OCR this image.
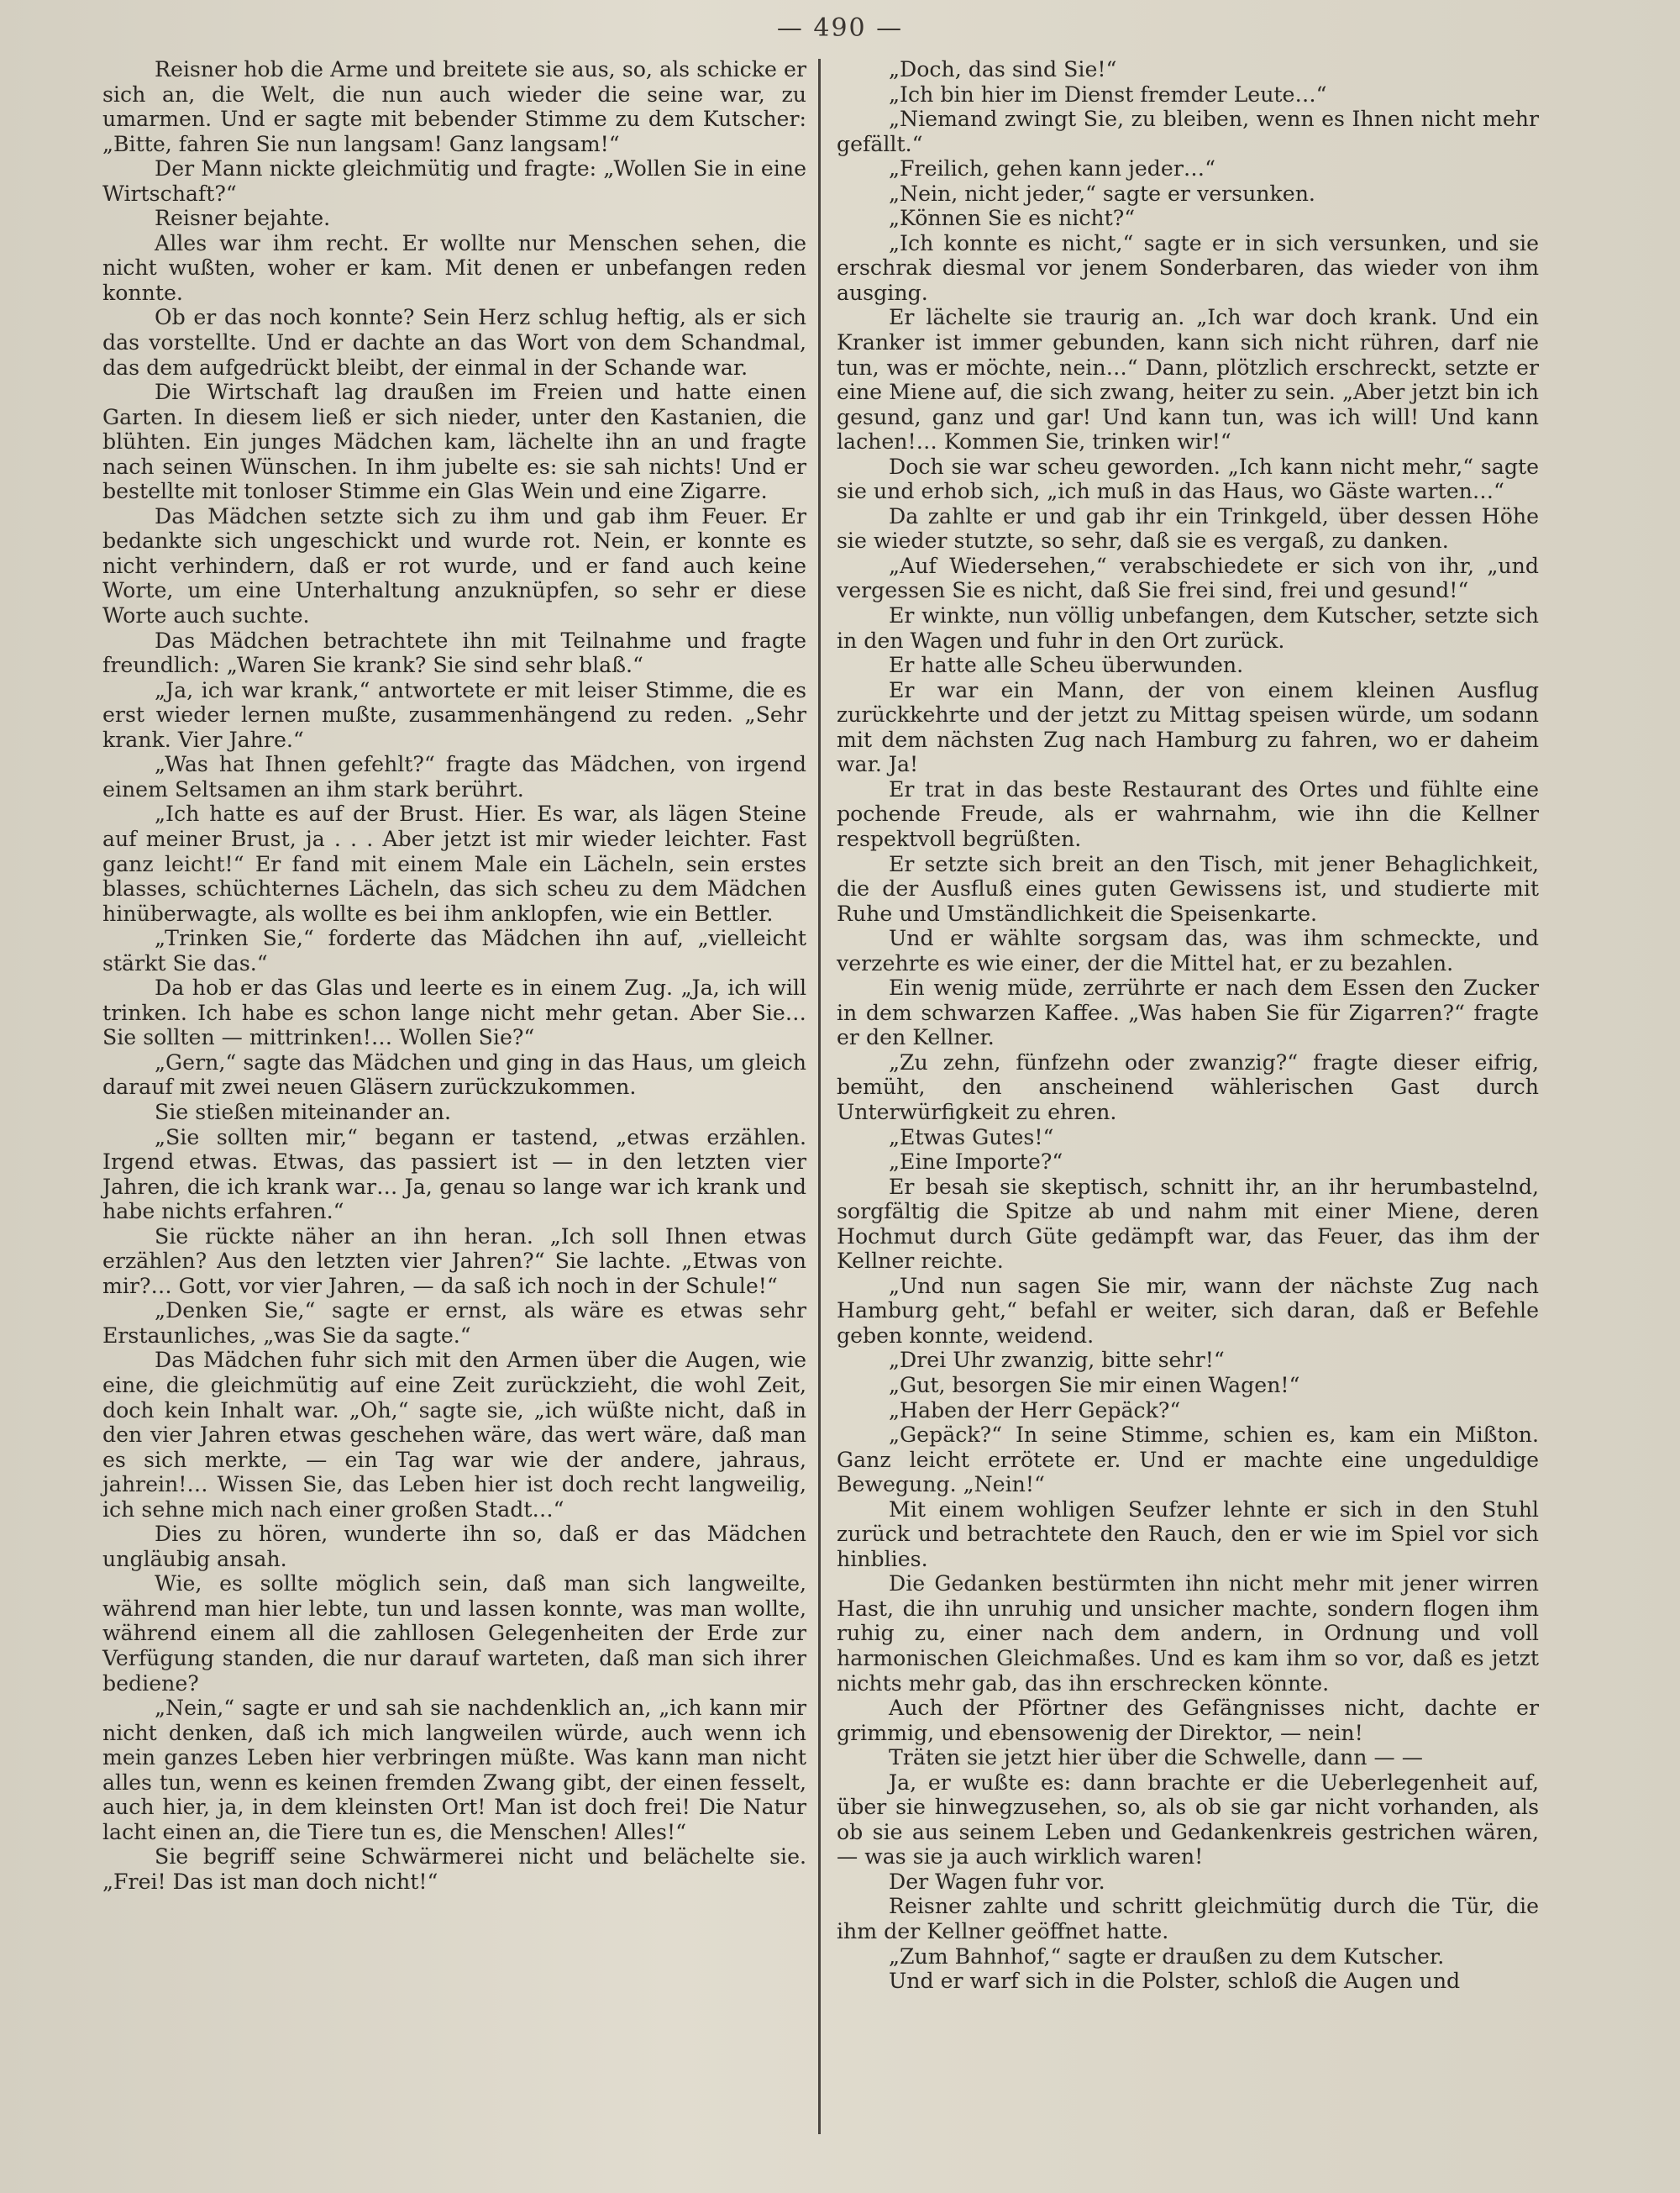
— 490 —

Reisner hob die Arme und breitete sie aus, so, als schicke er sich an, die Welt, die nun auch wieder die seine war, zu umarmen. Und er sagte mit bebender Stimme zu dem Kutscher: „Bitte, fahren Sie nun langsam! Ganz langsam!“

Der Mann nickte gleichmütig und fragte: „Wollen Sie in eine Wirtschaft?“

Reisner bejahte.

Alles war ihm recht. Er wollte nur Menschen sehen, die nicht wußten, woher er kam. Mit denen er unbefangen reden konnte.

Ob er das noch konnte? Sein Herz schlug heftig, als er sich das vorstellte. Und er dachte an das Wort von dem Schandmal, das dem aufgedrückt bleibt, der einmal in der Schande war.

Die Wirtschaft lag draußen im Freien und hatte einen Garten. In diesem ließ er sich nieder, unter den Kastanien, die blühten. Ein junges Mädchen kam, lächelte ihn an und fragte nach seinen Wünschen. In ihm jubelte es: sie sah nichts! Und er bestellte mit tonloser Stimme ein Glas Wein und eine Zigarre.

Das Mädchen setzte sich zu ihm und gab ihm Feuer. Er bedankte sich ungeschickt und wurde rot. Nein, er konnte es nicht verhindern, daß er rot wurde, und er fand auch keine Worte, um eine Unterhaltung anzuknüpfen, so sehr er diese Worte auch suchte.

Das Mädchen betrachtete ihn mit Teilnahme und fragte freundlich: „Waren Sie krank? Sie sind sehr blaß.“

„Ja, ich war krank,“ antwortete er mit leiser Stimme, die es erst wieder lernen mußte, zusammenhängend zu reden. „Sehr krank. Vier Jahre.“

„Was hat Ihnen gefehlt?“ fragte das Mädchen, von irgend einem Seltsamen an ihm stark berührt.

„Ich hatte es auf der Brust. Hier. Es war, als lägen Steine auf meiner Brust, ja . . . Aber jetzt ist mir wieder leichter. Fast ganz leicht!“ Er fand mit einem Male ein Lächeln, sein erstes blasses, schüchternes Lächeln, das sich scheu zu dem Mädchen hinüberwagte, als wollte es bei ihm anklopfen, wie ein Bettler.

„Trinken Sie,“ forderte das Mädchen ihn auf, „vielleicht stärkt Sie das.“

Da hob er das Glas und leerte es in einem Zug. „Ja, ich will trinken. Ich habe es schon lange nicht mehr getan. Aber Sie… Sie sollten — mittrinken!… Wollen Sie?“

„Gern,“ sagte das Mädchen und ging in das Haus, um gleich darauf mit zwei neuen Gläsern zurückzukommen.

Sie stießen miteinander an.

„Sie sollten mir,“ begann er tastend, „etwas erzählen. Irgend etwas. Etwas, das passiert ist — in den letzten vier Jahren, die ich krank war… Ja, genau so lange war ich krank und habe nichts erfahren.“

Sie rückte näher an ihn heran. „Ich soll Ihnen etwas erzählen? Aus den letzten vier Jahren?“ Sie lachte. „Etwas von mir?… Gott, vor vier Jahren, — da saß ich noch in der Schule!“

„Denken Sie,“ sagte er ernst, als wäre es etwas sehr Erstaunliches, „was Sie da sagte.“

Das Mädchen fuhr sich mit den Armen über die Augen, wie eine, die gleichmütig auf eine Zeit zurückzieht, die wohl Zeit, doch kein Inhalt war. „Oh,“ sagte sie, „ich wüßte nicht, daß in den vier Jahren etwas geschehen wäre, das wert wäre, daß man es sich merkte, — ein Tag war wie der andere, jahraus, jahrein!… Wissen Sie, das Leben hier ist doch recht langweilig, ich sehne mich nach einer großen Stadt…“

Dies zu hören, wunderte ihn so, daß er das Mädchen ungläubig ansah.

Wie, es sollte möglich sein, daß man sich langweilte, während man hier lebte, tun und lassen konnte, was man wollte, während einem all die zahllosen Gelegenheiten der Erde zur Verfügung standen, die nur darauf warteten, daß man sich ihrer bediene?

„Nein,“ sagte er und sah sie nachdenklich an, „ich kann mir nicht denken, daß ich mich langweilen würde, auch wenn ich mein ganzes Leben hier verbringen müßte. Was kann man nicht alles tun, wenn es keinen fremden Zwang gibt, der einen fesselt, auch hier, ja, in dem kleinsten Ort! Man ist doch frei! Die Natur lacht einen an, die Tiere tun es, die Menschen! Alles!“

Sie begriff seine Schwärmerei nicht und belächelte sie. „Frei! Das ist man doch nicht!“

„Doch, das sind Sie!“

„Ich bin hier im Dienst fremder Leute…“

„Niemand zwingt Sie, zu bleiben, wenn es Ihnen nicht mehr gefällt.“

„Freilich, gehen kann jeder…“

„Nein, nicht jeder,“ sagte er versunken.

„Können Sie es nicht?“

„Ich konnte es nicht,“ sagte er in sich versunken, und sie erschrak diesmal vor jenem Sonderbaren, das wieder von ihm ausging.

Er lächelte sie traurig an. „Ich war doch krank. Und ein Kranker ist immer gebunden, kann sich nicht rühren, darf nie tun, was er möchte, nein…“ Dann, plötzlich erschreckt, setzte er eine Miene auf, die sich zwang, heiter zu sein. „Aber jetzt bin ich gesund, ganz und gar! Und kann tun, was ich will! Und kann lachen!… Kommen Sie, trinken wir!“

Doch sie war scheu geworden. „Ich kann nicht mehr,“ sagte sie und erhob sich, „ich muß in das Haus, wo Gäste warten…“

Da zahlte er und gab ihr ein Trinkgeld, über dessen Höhe sie wieder stutzte, so sehr, daß sie es vergaß, zu danken.

„Auf Wiedersehen,“ verabschiedete er sich von ihr, „und vergessen Sie es nicht, daß Sie frei sind, frei und gesund!“

Er winkte, nun völlig unbefangen, dem Kutscher, setzte sich in den Wagen und fuhr in den Ort zurück.

Er hatte alle Scheu überwunden.

Er war ein Mann, der von einem kleinen Ausflug zurückkehrte und der jetzt zu Mittag speisen würde, um sodann mit dem nächsten Zug nach Hamburg zu fahren, wo er daheim war. Ja!

Er trat in das beste Restaurant des Ortes und fühlte eine pochende Freude, als er wahrnahm, wie ihn die Kellner respektvoll begrüßten.

Er setzte sich breit an den Tisch, mit jener Behaglichkeit, die der Ausfluß eines guten Gewissens ist, und studierte mit Ruhe und Umständlichkeit die Speisenkarte.

Und er wählte sorgsam das, was ihm schmeckte, und verzehrte es wie einer, der die Mittel hat, er zu bezahlen.

Ein wenig müde, zerrührte er nach dem Essen den Zucker in dem schwarzen Kaffee. „Was haben Sie für Zigarren?“ fragte er den Kellner.

„Zu zehn, fünfzehn oder zwanzig?“ fragte dieser eifrig, bemüht, den anscheinend wählerischen Gast durch Unterwürfigkeit zu ehren.

„Etwas Gutes!“

„Eine Importe?“

Er besah sie skeptisch, schnitt ihr, an ihr herumbastelnd, sorgfältig die Spitze ab und nahm mit einer Miene, deren Hochmut durch Güte gedämpft war, das Feuer, das ihm der Kellner reichte.

„Und nun sagen Sie mir, wann der nächste Zug nach Hamburg geht,“ befahl er weiter, sich daran, daß er Befehle geben konnte, weidend.

„Drei Uhr zwanzig, bitte sehr!“

„Gut, besorgen Sie mir einen Wagen!“

„Haben der Herr Gepäck?“

„Gepäck?“ In seine Stimme, schien es, kam ein Mißton. Ganz leicht errötete er. Und er machte eine ungeduldige Bewegung. „Nein!“

Mit einem wohligen Seufzer lehnte er sich in den Stuhl zurück und betrachtete den Rauch, den er wie im Spiel vor sich hinblies.

Die Gedanken bestürmten ihn nicht mehr mit jener wirren Hast, die ihn unruhig und unsicher machte, sondern flogen ihm ruhig zu, einer nach dem andern, in Ordnung und voll harmonischen Gleichmaßes. Und es kam ihm so vor, daß es jetzt nichts mehr gab, das ihn erschrecken könnte.

Auch der Pförtner des Gefängnisses nicht, dachte er grimmig, und ebensowenig der Direktor, — nein!

Träten sie jetzt hier über die Schwelle, dann — —

Ja, er wußte es: dann brachte er die Ueberlegenheit auf, über sie hinwegzusehen, so, als ob sie gar nicht vorhanden, als ob sie aus seinem Leben und Gedankenkreis gestrichen wären, — was sie ja auch wirklich waren!

Der Wagen fuhr vor.

Reisner zahlte und schritt gleichmütig durch die Tür, die ihm der Kellner geöffnet hatte.

„Zum Bahnhof,“ sagte er draußen zu dem Kutscher.

Und er warf sich in die Polster, schloß die Augen und
